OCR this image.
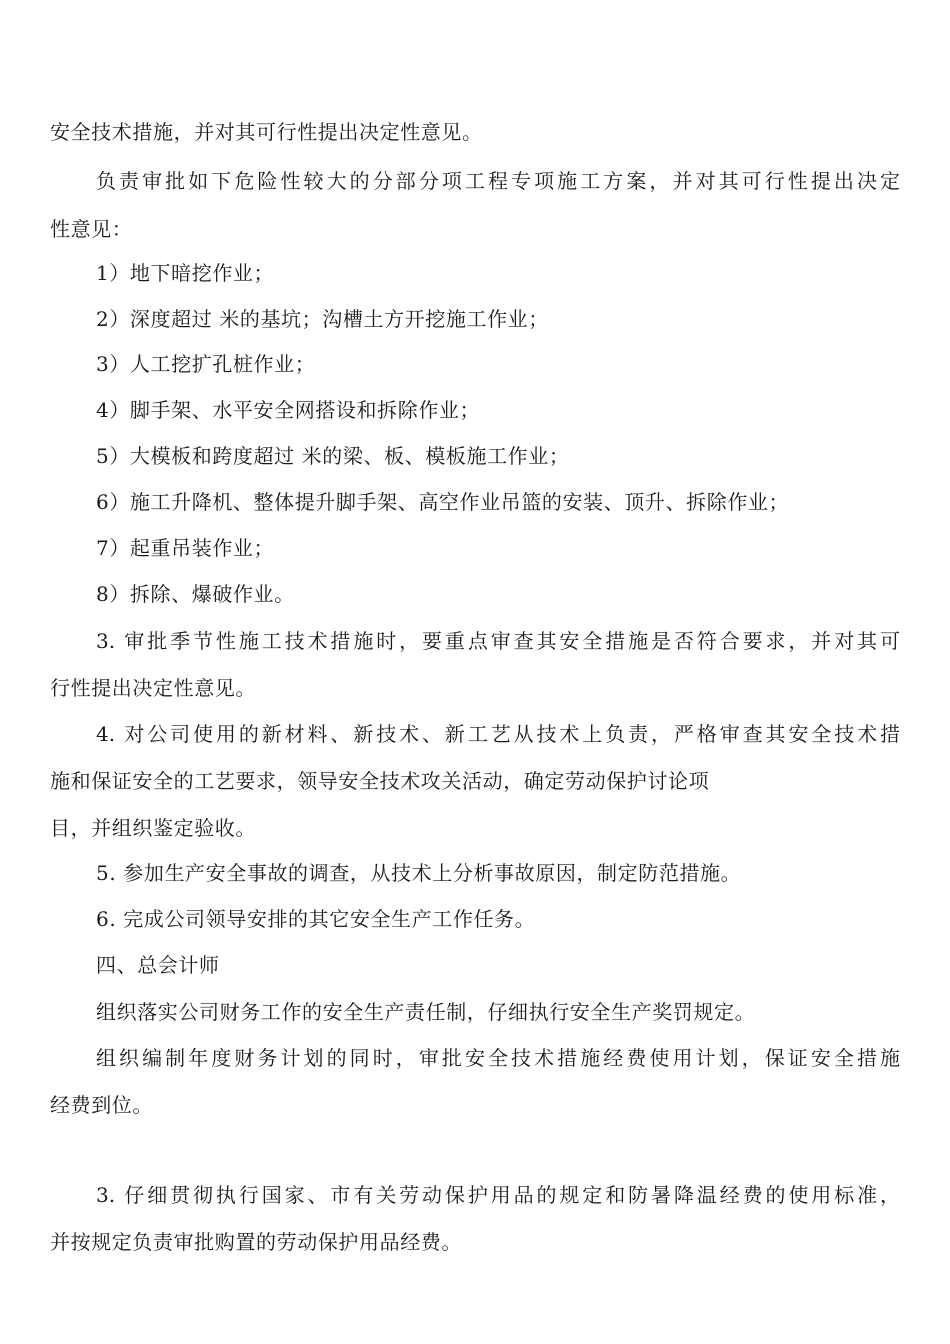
安全技术措施，并对其可行性提出决定性意见。
负责审批如下危险性较大的分部分项工程专项施工方案，并对其可行性提出决定
性意见：
1）地下暗挖作业；
2）深度超过 米的基坑；沟槽土方开挖施工作业；
3）人工挖扩孔桩作业；
4）脚手架、水平安全网搭设和拆除作业；
5）大模板和跨度超过 米的梁、板、模板施工作业；
6）施工升降机、整体提升脚手架、高空作业吊篮的安装、顶升、拆除作业；
7）起重吊装作业；
8）拆除、爆破作业。
3. 审批季节性施工技术措施时，要重点审查其安全措施是否符合要求，并对其可
行性提出决定性意见。
4. 对公司使用的新材料、新技术、新工艺从技术上负责，严格审查其安全技术措
施和保证安全的工艺要求，领导安全技术攻关活动，确定劳动保护讨论项
目，并组织鉴定验收。
5. 参加生产安全事故的调查，从技术上分析事故原因，制定防范措施。
6. 完成公司领导安排的其它安全生产工作任务。
四、总会计师
组织落实公司财务工作的安全生产责任制，仔细执行安全生产奖罚规定。
组织编制年度财务计划的同时，审批安全技术措施经费使用计划，保证安全措施
经费到位。
3. 仔细贯彻执行国家、市有关劳动保护用品的规定和防暑降温经费的使用标准，
并按规定负责审批购置的劳动保护用品经费。
